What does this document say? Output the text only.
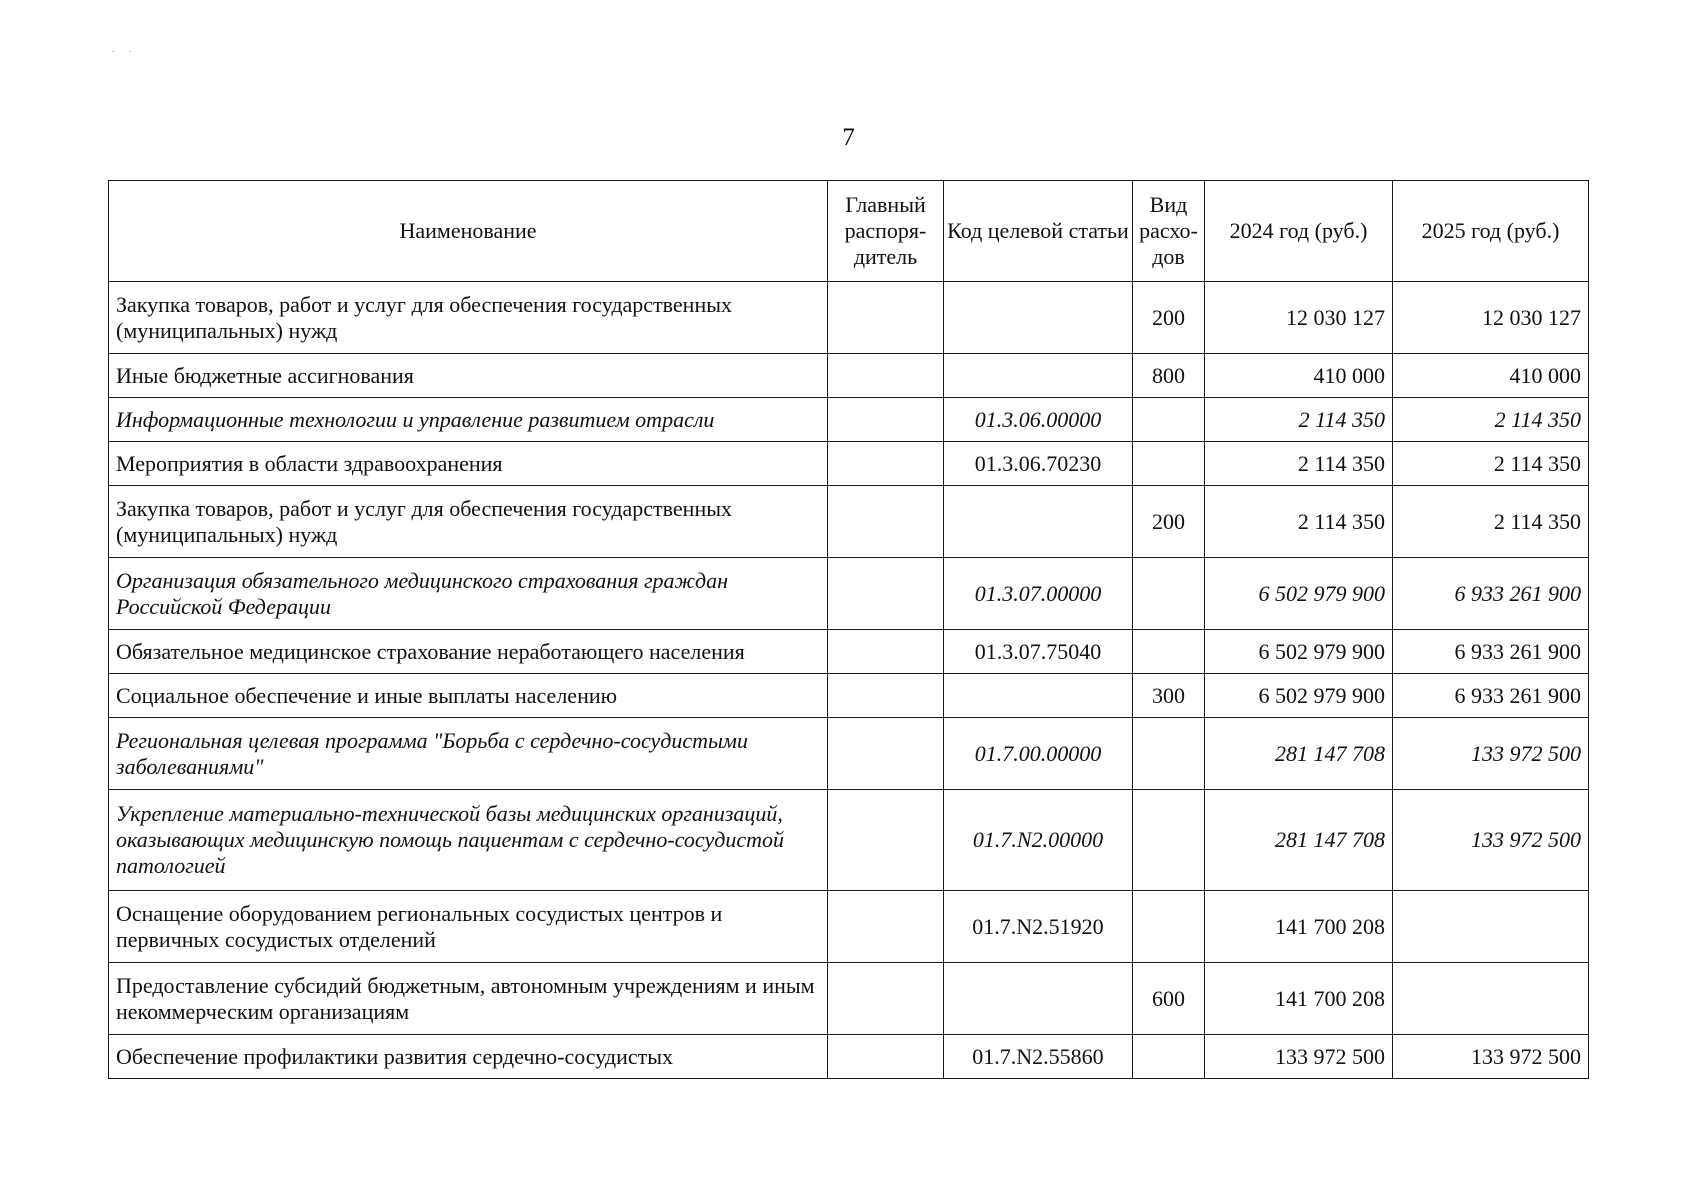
. .
7
Наименование	Главный распоря-дитель	Код целевой статьи	Вид расхо-дов	2024 год (руб.)	2025 год (руб.)
Закупка товаров, работ и услуг для обеспечения государственных (муниципальных) нужд			200	12 030 127	12 030 127
Иные бюджетные ассигнования			800	410 000	410 000
Информационные технологии и управление развитием отрасли		01.3.06.00000		2 114 350	2 114 350
Мероприятия в области здравоохранения		01.3.06.70230		2 114 350	2 114 350
Закупка товаров, работ и услуг для обеспечения государственных (муниципальных) нужд			200	2 114 350	2 114 350
Организация обязательного медицинского страхования граждан Российской Федерации		01.3.07.00000		6 502 979 900	6 933 261 900
Обязательное медицинское страхование неработающего населения		01.3.07.75040		6 502 979 900	6 933 261 900
Социальное обеспечение и иные выплаты населению			300	6 502 979 900	6 933 261 900
Региональная целевая программа "Борьба с сердечно-сосудистыми заболеваниями"		01.7.00.00000		281 147 708	133 972 500
Укрепление материально-технической базы медицинских организаций, оказывающих медицинскую помощь пациентам с сердечно-сосудистой патологией		01.7.N2.00000		281 147 708	133 972 500
Оснащение оборудованием региональных сосудистых центров и первичных сосудистых отделений		01.7.N2.51920		141 700 208	
Предоставление субсидий бюджетным, автономным учреждениям и иным некоммерческим организациям			600	141 700 208	
Обеспечение профилактики развития сердечно-сосудистых		01.7.N2.55860		133 972 500	133 972 500
